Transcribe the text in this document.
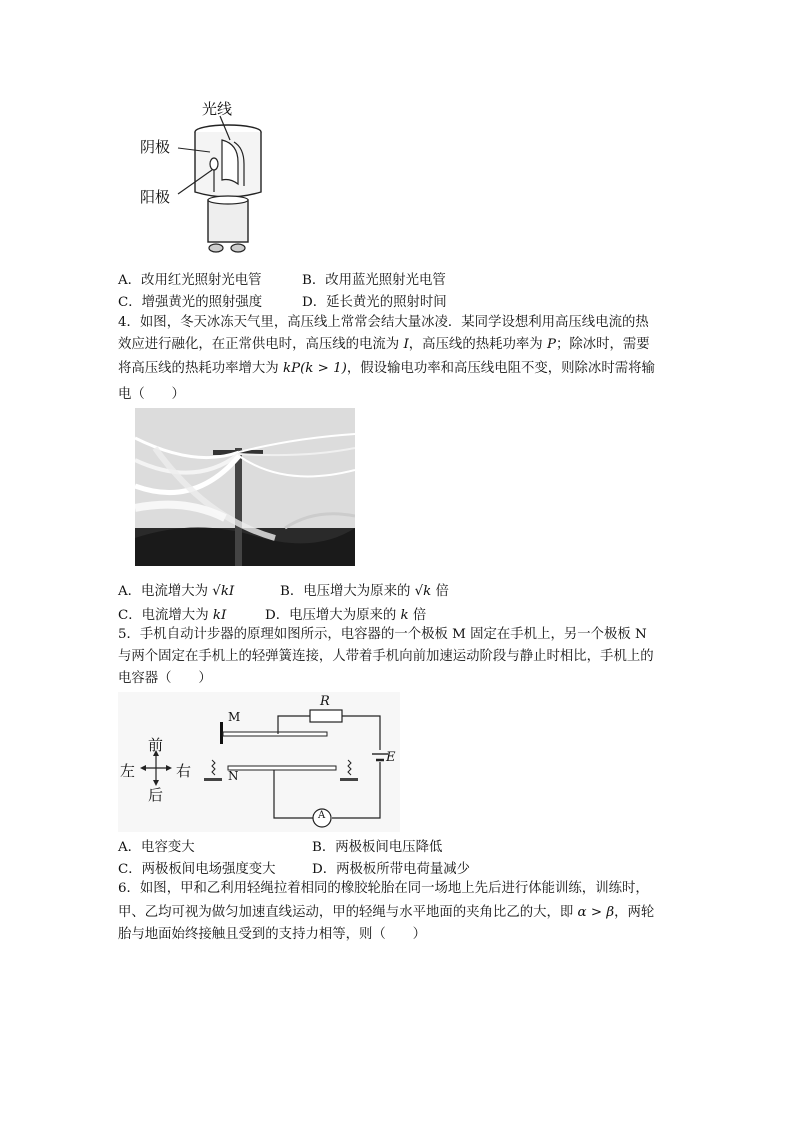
光线
阴极
阳极
A．改用红光照射光电管	B．改用蓝光照射光电管
C．增强黄光的照射强度	D．延长黄光的照射时间
4．如图，冬天冰冻天气里，高压线上常常会结大量冰凌．某同学设想利用高压线电流的热
效应进行融化，在正常供电时，高压线的电流为 I，高压线的热耗功率为 P；除冰时，需要
将高压线的热耗功率增大为 kP(k > 1)，假设输电功率和高压线电阻不变，则除冰时需将输
电（　　）
A．电流增大为 √kI	B．电压增大为原来的 √k 倍
C．电流增大为 kI	D．电压增大为原来的 k 倍
5．手机自动计步器的原理如图所示，电容器的一个极板 M 固定在手机上，另一个极板 N
与两个固定在手机上的轻弹簧连接，人带着手机向前加速运动阶段与静止时相比，手机上的
电容器（　　）
前
后
左	右
M
N
R
E
A
A．电容变大	B．两极板间电压降低
C．两极板间电场强度变大	D．两极板所带电荷量减少
6．如图，甲和乙利用轻绳拉着相同的橡胶轮胎在同一场地上先后进行体能训练，训练时，
甲、乙均可视为做匀加速直线运动，甲的轻绳与水平地面的夹角比乙的大，即 α > β，两轮
胎与地面始终接触且受到的支持力相等，则（　　）
